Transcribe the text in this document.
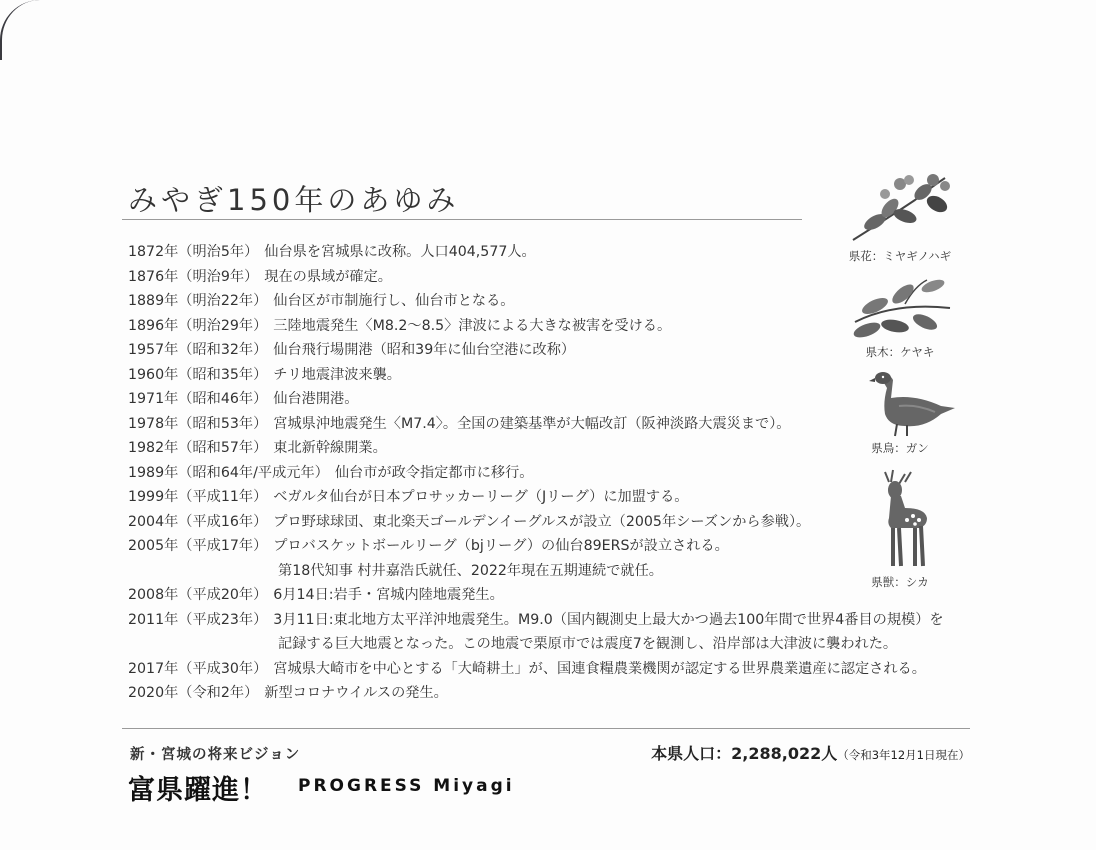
みやぎ150年のあゆみ
1872年（明治5年） 仙台県を宮城県に改称。人口404,577人。
1876年（明治9年） 現在の県域が確定。
1889年（明治22年） 仙台区が市制施行し、仙台市となる。
1896年（明治29年） 三陸地震発生〈M8.2〜8.5〉津波による大きな被害を受ける。
1957年（昭和32年） 仙台飛行場開港（昭和39年に仙台空港に改称）
1960年（昭和35年） チリ地震津波来襲。
1971年（昭和46年） 仙台港開港。
1978年（昭和53年） 宮城県沖地震発生〈M7.4〉。全国の建築基準が大幅改訂（阪神淡路大震災まで）。
1982年（昭和57年） 東北新幹線開業。
1989年（昭和64年/平成元年） 仙台市が政令指定都市に移行。
1999年（平成11年） ベガルタ仙台が日本プロサッカーリーグ（Jリーグ）に加盟する。
2004年（平成16年） プロ野球球団、東北楽天ゴールデンイーグルスが設立（2005年シーズンから参戦）。
2005年（平成17年） プロバスケットボールリーグ（bjリーグ）の仙台89ERSが設立される。
第18代知事 村井嘉浩氏就任、2022年現在五期連続で就任。
2008年（平成20年） 6月14日:岩手・宮城内陸地震発生。
2011年（平成23年） 3月11日:東北地方太平洋沖地震発生。M9.0（国内観測史上最大かつ過去100年間で世界4番目の規模）を
記録する巨大地震となった。この地震で栗原市では震度7を観測し、沿岸部は大津波に襲われた。
2017年（平成30年） 宮城県大崎市を中心とする「大崎耕土」が、国連食糧農業機関が認定する世界農業遺産に認定される。
2020年（令和2年） 新型コロナウイルスの発生。
県花：ミヤギノハギ
県木：ケヤキ
県鳥：ガン
県獣：シカ
新・宮城の将来ビジョン
富県躍進！ PROGRESS Miyagi
本県人口：2,288,022人（令和3年12月1日現在）
